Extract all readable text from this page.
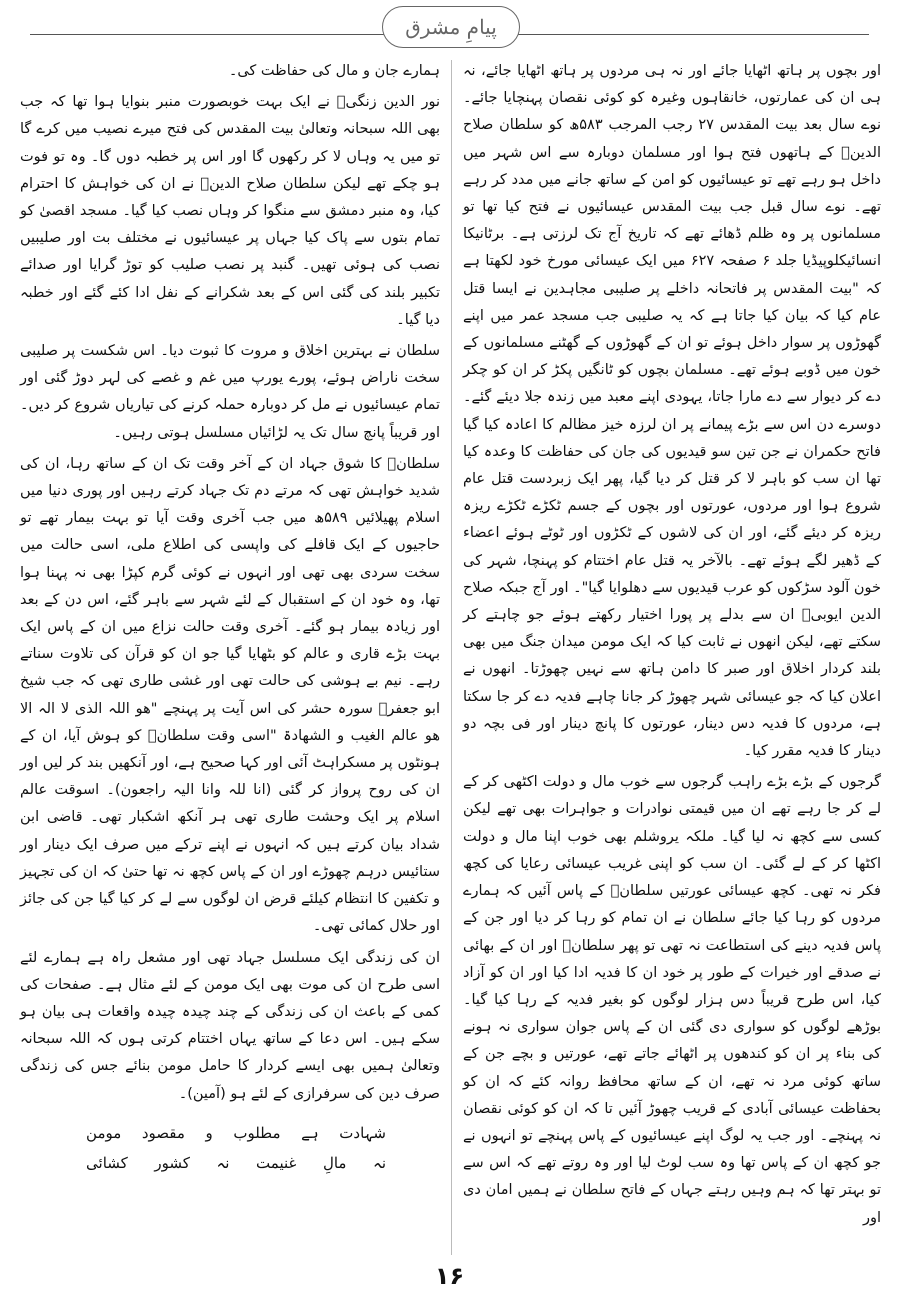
پیامِ مشرق

اور بچوں پر ہاتھ اٹھایا جائے اور نہ ہی مردوں پر ہاتھ اٹھایا جائے، نہ ہی ان کی عمارتوں، خانقاہوں وغیرہ کو کوئی نقصان پہنچایا جائے۔ نوے سال بعد بیت المقدس ۲۷ رجب المرجب ۵۸۳ھ کو سلطان صلاح الدینؒ کے ہاتھوں فتح ہوا اور مسلمان دوبارہ سے اس شہر میں داخل ہو رہے تھے تو عیسائیوں کو امن کے ساتھ جانے میں مدد کر رہے تھے۔ نوے سال قبل جب بیت المقدس عیسائیوں نے فتح کیا تھا تو مسلمانوں پر وہ ظلم ڈھائے تھے کہ تاریخ آج تک لرزتی ہے۔ برٹانیکا انسائیکلوپیڈیا جلد ۶ صفحہ ۶۲۷ میں ایک عیسائی مورخ خود لکھتا ہے کہ "بیت المقدس پر فاتحانہ داخلے پر صلیبی مجاہدین نے ایسا قتل عام کیا کہ بیان کیا جاتا ہے کہ یہ صلیبی جب مسجد عمر میں اپنے گھوڑوں پر سوار داخل ہوئے تو ان کے گھوڑوں کے گھٹنے مسلمانوں کے خون میں ڈوبے ہوئے تھے۔ مسلمان بچوں کو ٹانگیں پکڑ کر ان کو چکر دے کر دیوار سے دے مارا جاتا، یہودی اپنے معبد میں زندہ جلا دیئے گئے۔ دوسرے دن اس سے بڑے پیمانے پر ان لرزہ خیز مظالم کا اعادہ کیا گیا فاتح حکمران نے جن تین سو قیدیوں کی جان کی حفاظت کا وعدہ کیا تھا ان سب کو باہر لا کر قتل کر دیا گیا، پھر ایک زبردست قتل عام شروع ہوا اور مردوں، عورتوں اور بچوں کے جسم ٹکڑے ٹکڑے ریزہ ریزہ کر دیئے گئے، اور ان کی لاشوں کے ٹکڑوں اور ٹوٹے ہوئے اعضاء کے ڈھیر لگے ہوئے تھے۔ بالآخر یہ قتل عام اختتام کو پہنچا، شہر کی خون آلود سڑکوں کو عرب قیدیوں سے دھلوایا گیا"۔ اور آج جبکہ صلاح الدین ایوبیؒ ان سے بدلے پر پورا اختیار رکھتے ہوئے جو چاہتے کر سکتے تھے، لیکن انھوں نے ثابت کیا کہ ایک مومن میدان جنگ میں بھی بلند کردار اخلاق اور صبر کا دامن ہاتھ سے نہیں چھوڑتا۔ انھوں نے اعلان کیا کہ جو عیسائی شہر چھوڑ کر جانا چاہے فدیہ دے کر جا سکتا ہے، مردوں کا فدیہ دس دینار، عورتوں کا پانچ دینار اور فی بچہ دو دینار کا فدیہ مقرر کیا۔

گرجوں کے بڑے بڑے راہب گرجوں سے خوب مال و دولت اکٹھی کر کے لے کر جا رہے تھے ان میں قیمتی نوادرات و جواہرات بھی تھے لیکن کسی سے کچھ نہ لیا گیا۔ ملکہ یروشلم بھی خوب اپنا مال و دولت اکٹھا کر کے لے گئی۔ ان سب کو اپنی غریب عیسائی رعایا کی کچھ فکر نہ تھی۔ کچھ عیسائی عورتیں سلطانؒ کے پاس آئیں کہ ہمارے مردوں کو رہا کیا جائے سلطان نے ان تمام کو رہا کر دیا اور جن کے پاس فدیہ دینے کی استطاعت نہ تھی تو پھر سلطانؒ اور ان کے بھائی نے صدقے اور خیرات کے طور پر خود ان کا فدیہ ادا کیا اور ان کو آزاد کیا، اس طرح قریباً دس ہزار لوگوں کو بغیر فدیہ کے رہا کیا گیا۔ بوڑھے لوگوں کو سواری دی گئی ان کے پاس جوان سواری نہ ہونے کی بناء پر ان کو کندھوں پر اٹھائے جاتے تھے، عورتیں و بچے جن کے ساتھ کوئی مرد نہ تھے، ان کے ساتھ محافظ روانہ کئے کہ ان کو بحفاظت عیسائی آبادی کے قریب چھوڑ آئیں تا کہ ان کو کوئی نقصان نہ پہنچے۔ اور جب یہ لوگ اپنے عیسائیوں کے پاس پہنچے تو انہوں نے جو کچھ ان کے پاس تھا وہ سب لوٹ لیا اور وہ روتے تھے کہ اس سے تو بہتر تھا کہ ہم وہیں رہتے جہاں کے فاتح سلطان نے ہمیں امان دی اور

ہمارے جان و مال کی حفاظت کی۔

نور الدین زنگیؒ نے ایک بہت خوبصورت منبر بنوایا ہوا تھا کہ جب بھی اللہ سبحانہ وتعالیٰ بیت المقدس کی فتح میرے نصیب میں کرے گا تو میں یہ وہاں لا کر رکھوں گا اور اس پر خطبہ دوں گا۔ وہ تو فوت ہو چکے تھے لیکن سلطان صلاح الدینؒ نے ان کی خواہش کا احترام کیا، وہ منبر دمشق سے منگوا کر وہاں نصب کیا گیا۔ مسجد اقصیٰ کو تمام بتوں سے پاک کیا جہاں پر عیسائیوں نے مختلف بت اور صلیبیں نصب کی ہوئی تھیں۔ گنبد پر نصب صلیب کو توڑ گرایا اور صدائے تکبیر بلند کی گئی اس کے بعد شکرانے کے نفل ادا کئے گئے اور خطبہ دیا گیا۔

سلطان نے بہترین اخلاق و مروت کا ثبوت دیا۔ اس شکست پر صلیبی سخت ناراض ہوئے، پورے یورپ میں غم و غصے کی لہر دوڑ گئی اور تمام عیسائیوں نے مل کر دوبارہ حملہ کرنے کی تیاریاں شروع کر دیں۔ اور قریباً پانچ سال تک یہ لڑائیاں مسلسل ہوتی رہیں۔

سلطانؒ کا شوق جہاد ان کے آخر وقت تک ان کے ساتھ رہا، ان کی شدید خواہش تھی کہ مرتے دم تک جہاد کرتے رہیں اور پوری دنیا میں اسلام پھیلائیں ۵۸۹ھ میں جب آخری وقت آیا تو بہت بیمار تھے تو حاجیوں کے ایک قافلے کی واپسی کی اطلاع ملی، اسی حالت میں سخت سردی بھی تھی اور انہوں نے کوئی گرم کپڑا بھی نہ پہنا ہوا تھا، وہ خود ان کے استقبال کے لئے شہر سے باہر گئے، اس دن کے بعد اور زیادہ بیمار ہو گئے۔ آخری وقت حالت نزاع میں ان کے پاس ایک بہت بڑے قاری و عالم کو بٹھایا گیا جو ان کو قرآن کی تلاوت سناتے رہے۔ نیم بے ہوشی کی حالت تھی اور غشی طاری تھی کہ جب شیخ ابو جعفرؒ سورہ حشر کی اس آیت پر پہنچے "ھو اللہ الذی لا الہ الا ھو عالم الغیب و الشھادۃ "اسی وقت سلطانؒ کو ہوش آیا، ان کے ہونٹوں پر مسکراہٹ آئی اور کہا صحیح ہے، اور آنکھیں بند کر لیں اور ان کی روح پرواز کر گئی (انا للہ وانا الیہ راجعون)۔ اسوقت عالم اسلام پر ایک وحشت طاری تھی ہر آنکھ اشکبار تھی۔ قاضی ابن شداد بیان کرتے ہیں کہ انہوں نے اپنے ترکے میں صرف ایک دینار اور ستائیس درہم چھوڑے اور ان کے پاس کچھ نہ تھا حتیٰ کہ ان کی تجہیز و تکفین کا انتظام کیلئے قرض ان لوگوں سے لے کر کیا گیا جن کی جائز اور حلال کمائی تھی۔

ان کی زندگی ایک مسلسل جہاد تھی اور مشعل راہ ہے ہمارے لئے اسی طرح ان کی موت بھی ایک مومن کے لئے مثال ہے۔ صفحات کی کمی کے باعث ان کی زندگی کے چند چیدہ چیدہ واقعات ہی بیان ہو سکے ہیں۔ اس دعا کے ساتھ یہاں اختتام کرتی ہوں کہ اللہ سبحانہ وتعالیٰ ہمیں بھی ایسے کردار کا حامل مومن بنائے جس کی زندگی صرف دین کی سرفرازی کے لئے ہو (آمین)۔

شہادت
ہے
مطلوب
و
مقصود
مومن
نہ
مالِ
غنیمت
نہ
کشور
کشائی
۱۶
